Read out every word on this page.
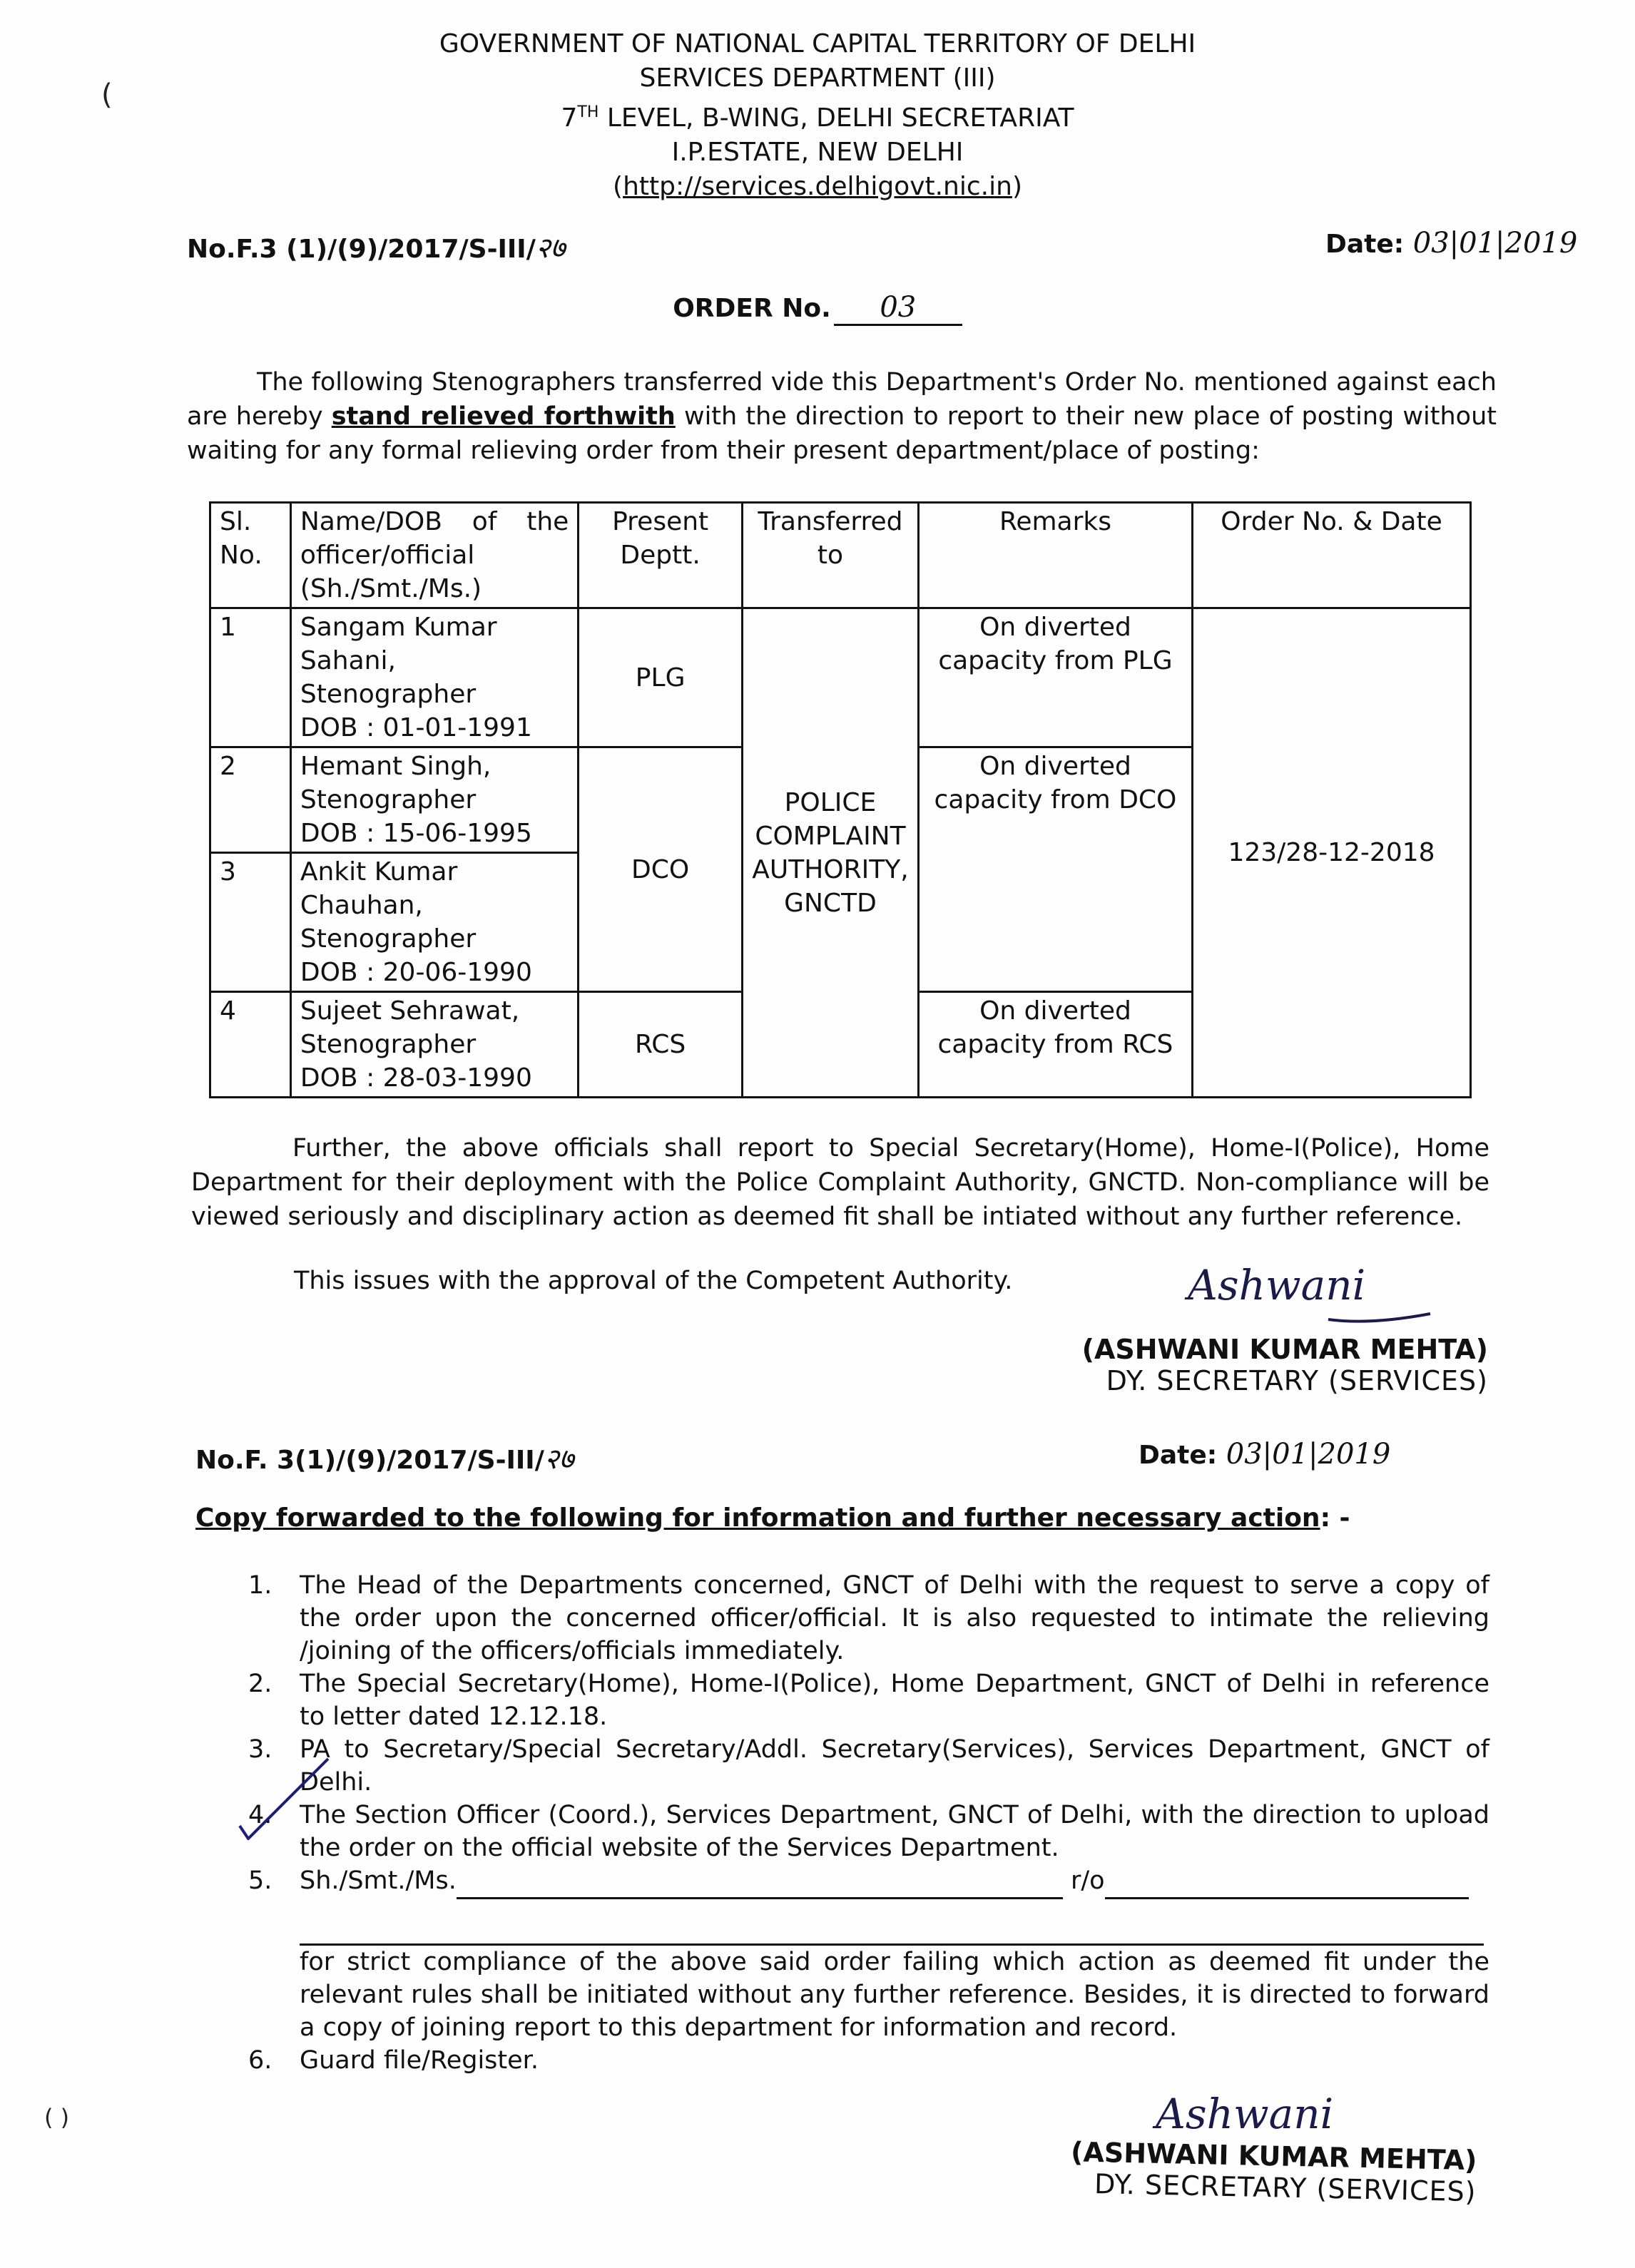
(
( )
GOVERNMENT OF NATIONAL CAPITAL TERRITORY OF DELHI
SERVICES DEPARTMENT (III)
7TH LEVEL, B-WING, DELHI SECRETARIAT
I.P.ESTATE, NEW DELHI
(http://services.delhigovt.nic.in)
No.F.3 (1)/(9)/2017/S-III/२७	Date: 03|01|2019
ORDER No. 03
The following Stenographers transferred vide this Department's Order No. mentioned against each are hereby stand relieved forthwith with the direction to report to their new place of posting without waiting for any formal relieving order from their present department/place of posting:
Sl. No.	Name/DOB of the officer/official (Sh./Smt./Ms.)	Present Deptt.	Transferred to	Remarks	Order No. & Date
1	Sangam Kumar Sahani,
Stenographer
DOB : 01-01-1991	PLG	POLICE COMPLAINT AUTHORITY, GNCTD	On diverted capacity from PLG	123/28-12-2018
2	Hemant Singh,
Stenographer
DOB : 15-06-1995	DCO		On diverted capacity from DCO	
3	Ankit Kumar Chauhan,
Stenographer
DOB : 20-06-1990				

4	Sujeet Sehrawat,
Stenographer
DOB : 28-03-1990	RCS		On diverted capacity from RCS	
Further, the above officials shall report to Special Secretary(Home), Home-I(Police), Home Department for their deployment with the Police Complaint Authority, GNCTD. Non-compliance will be viewed seriously and disciplinary action as deemed fit shall be intiated without any further reference.
This issues with the approval of the Competent Authority.	Ashwani
(ASHWANI KUMAR MEHTA)
DY. SECRETARY (SERVICES)
No.F. 3(1)/(9)/2017/S-III/२७	Date: 03|01|2019
Copy forwarded to the following for information and further necessary action: -
1. The Head of the Departments concerned, GNCT of Delhi with the request to serve a copy of the order upon the concerned officer/official. It is also requested to intimate the relieving /joining of the officers/officials immediately.
2. The Special Secretary(Home), Home-I(Police), Home Department, GNCT of Delhi in reference to letter dated 12.12.18.
3. PA to Secretary/Special Secretary/Addl. Secretary(Services), Services Department, GNCT of Delhi.
4. The Section Officer (Coord.), Services Department, GNCT of Delhi, with the direction to upload the order on the official website of the Services Department.
5. Sh./Smt./Ms.	r/o
for strict compliance of the above said order failing which action as deemed fit under the relevant rules shall be initiated without any further reference. Besides, it is directed to forward a copy of joining report to this department for information and record.
6. Guard file/Register.
Ashwani
(ASHWANI KUMAR MEHTA)
DY. SECRETARY (SERVICES)
